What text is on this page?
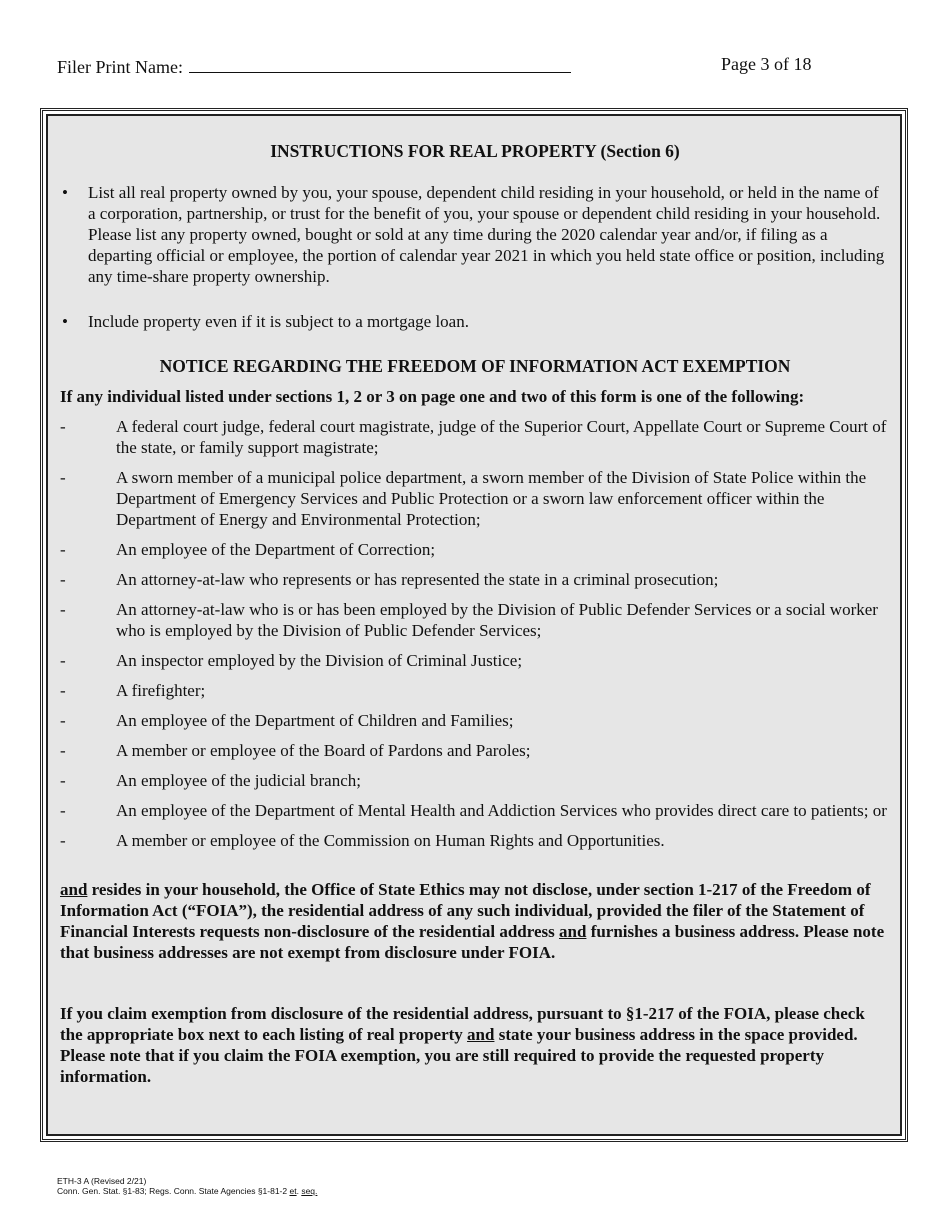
Filer Print Name:	Page 3 of 18
INSTRUCTIONS FOR REAL PROPERTY (Section 6)
• List all real property owned by you, your spouse, dependent child residing in your household, or held in the name of a corporation, partnership, or trust for the benefit of you, your spouse or dependent child residing in your household. Please list any property owned, bought or sold at any time during the 2020 calendar year and/or, if filing as a departing official or employee, the portion of calendar year 2021 in which you held state office or position, including any time-share property ownership.
• Include property even if it is subject to a mortgage loan.
NOTICE REGARDING THE FREEDOM OF INFORMATION ACT EXEMPTION
If any individual listed under sections 1, 2 or 3 on page one and two of this form is one of the following:
-	A federal court judge, federal court magistrate, judge of the Superior Court, Appellate Court or Supreme Court of the state, or family support magistrate;
-	A sworn member of a municipal police department, a sworn member of the Division of State Police within the Department of Emergency Services and Public Protection or a sworn law enforcement officer within the Department of Energy and Environmental Protection;
-	An employee of the Department of Correction;
-	An attorney-at-law who represents or has represented the state in a criminal prosecution;
-	An attorney-at-law who is or has been employed by the Division of Public Defender Services or a social worker who is employed by the Division of Public Defender Services;
-	An inspector employed by the Division of Criminal Justice;
-	A firefighter;
-	An employee of the Department of Children and Families;
-	A member or employee of the Board of Pardons and Paroles;
-	An employee of the judicial branch;
-	An employee of the Department of Mental Health and Addiction Services who provides direct care to patients; or
-	A member or employee of the Commission on Human Rights and Opportunities.
and resides in your household, the Office of State Ethics may not disclose, under section 1-217 of the Freedom of Information Act (“FOIA”), the residential address of any such individual, provided the filer of the Statement of Financial Interests requests non-disclosure of the residential address and furnishes a business address. Please note that business addresses are not exempt from disclosure under FOIA.
If you claim exemption from disclosure of the residential address, pursuant to §1-217 of the FOIA, please check the appropriate box next to each listing of real property and state your business address in the space provided. Please note that if you claim the FOIA exemption, you are still required to provide the requested property information.
ETH-3 A (Revised 2/21)
Conn. Gen. Stat. §1-83; Regs. Conn. State Agencies §1-81-2 et. seq.
